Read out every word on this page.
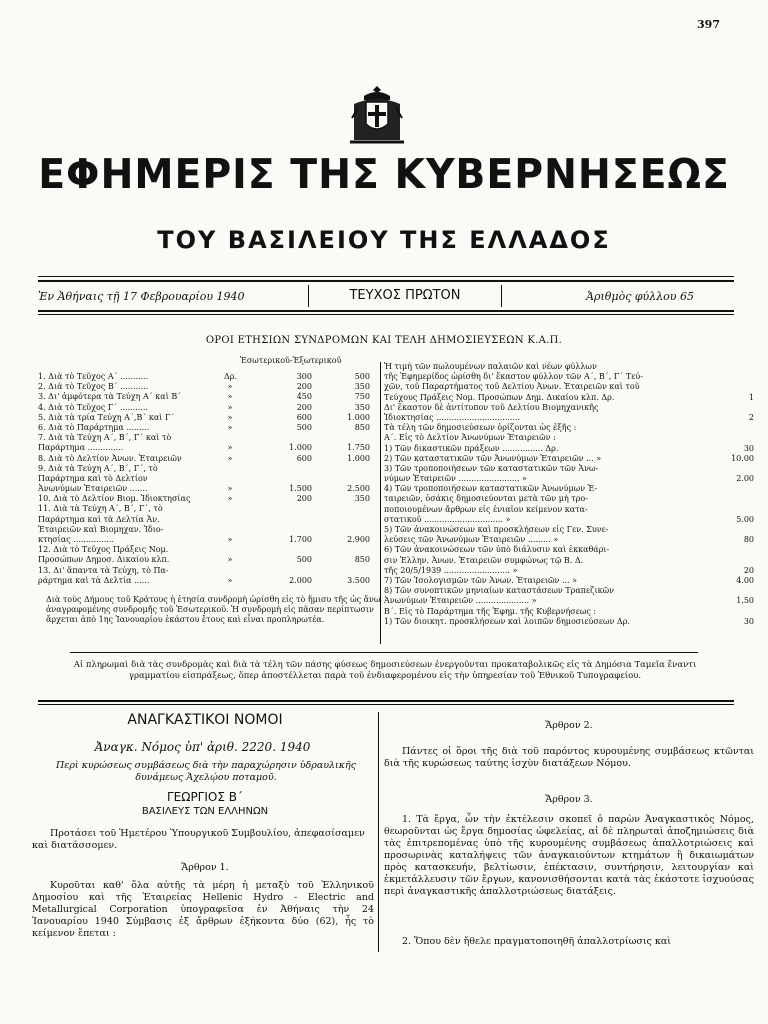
397
ΕΦΗΜΕΡΙΣ ΤΗΣ ΚΥΒΕΡΝΗΣΕΩΣ
ΤΟΥ ΒΑΣΙΛΕΙΟΥ ΤΗΣ ΕΛΛΑΔΟΣ
Ἐν Ἀθήναις τῇ 17 Φεβρουαρίου 1940	ΤΕΥΧΟΣ ΠΡΩΤΟΝ	Ἀριθμὸς φύλλου 65
ΟΡΟΙ ΕΤΗΣΙΩΝ ΣΥΝΔΡΟΜΩΝ ΚΑΙ ΤΕΛΗ ΔΗΜΟΣΙΕΥΣΕΩΝ Κ.Α.Π.
Ἐσωτερικοῦ-Ἐξωτερικοῦ
1. Διὰ τὸ Τεῦχος Α΄ ...........	Δρ.	300	500
2. Διὰ τὸ Τεῦχος Β΄ ...........	»	200	350
3. Δι' ἀμφότερα τὰ Τεύχη Α΄ καὶ Β΄	»	450	750
4. Διὰ τὸ Τεῦχος Γ΄ ...........	»	200	350
5. Διὰ τὰ τρία Τεύχη Α΄,Β΄ καὶ Γ΄	»	600	1.000
6. Διὰ τὸ Παράρτημα .........	»	500	850
7. Διὰ τὰ Τεύχη Α΄, Β΄, Γ΄ καὶ τὸ
Παράρτημα ..............	»	1.000	1.750
8. Διὰ τὸ Δελτίον Ἀνων. Ἑταιρειῶν	»	600	1.000
9. Διὰ τὰ Τεύχη Α΄, Β΄, Γ΄, τὸ
Παράρτημα καὶ τὸ Δελτίον
Ἀνωνύμων Ἑταιρειῶν .......	»	1.500	2.500
10. Διὰ τὸ Δελτίον Βιομ. Ἰδιοκτησίας	»	200	350
11. Διὰ τὰ Τεύχη Α΄, Β΄, Γ΄, τὸ
Παράρτημα καὶ τὰ Δελτία Ἀν.
Ἑταιρειῶν καὶ Βιομηχαν. Ἰδιο-
κτησίας ................	»	1.700	2.900
12. Διὰ τὸ Τεῦχος Πράξεις Νομ.
Προσώπων Δημοσ. Δικαίου κλπ.	»	500	850
13. Δι' ἅπαντα τὰ Τεύχη, τὸ Πα-
ράρτημα καὶ τὰ Δελτία ......	»	2.000	3.500
Διὰ τοὺς Δήμους τοῦ Κράτους ἡ ἐτησία συνδρομὴ ὡρίσθη εἰς τὸ ἥμισυ τῆς ὡς ἄνω ἀναγραφομένης συνδρομῆς τοῦ Ἐσωτερικοῦ. Ἡ συνδρομὴ εἰς πᾶσαν περίπτωσιν ἄρχεται ἀπὸ 1ης Ἰανουαρίου ἑκάστου ἔτους καὶ εἶναι προπληρωτέα.
Ἡ τιμὴ τῶν πωλουμένων παλαιῶν καὶ νέων φύλλων
τῆς Ἐφημερίδος ὡρίσθη δι' ἕκαστον φύλλον τῶν Α΄, Β΄, Γ΄ Τεύ-
χῶν, τοῦ Παραρτήματος τοῦ Δελτίου Ἀνων. Ἑταιρειῶν καὶ τοῦ
Τεύχους Πράξεις Νομ. Προσώπων Δημ. Δικαίου κλπ. Δρ.	1
Δι' ἕκαστον δὲ ἀντίτυπον τοῦ Δελτίου Βιομηχανικῆς
Ἰδιοκτησίας .................................	2
Τὰ τέλη τῶν δημοσιεύσεων ὁρίζονται ὡς ἑξῆς :
Α΄. Εἰς τὸ Δελτίον Ἀνωνύμων Ἑταιρειῶν :
1) Τῶν δικαστικῶν πράξεων ................ Δρ.	30
2) Τῶν καταστατικῶν τῶν Ἀνωνύμων Ἑταιρειῶν ... »	10.00
3) Τῶν τροποποιήσεων τῶν καταστατικῶν τῶν Ἀνω-
νύμων Ἑταιρειῶν ........................ »	2.00
4) Τῶν τροποποιήσεων καταστατικῶν Ἀνωνύμων Ἑ-
ταιρειῶν, ὁσάκις δημοσιεύονται μετὰ τῶν μὴ τρο-
ποποιουμένων ἄρθρων εἰς ἑνιαῖον κείμενον κατα-
στατικοῦ ............................... »	5.00
5) Τῶν ἀνακοινώσεων καὶ προσκλήσεων εἰς Γεν. Συνε-
λεύσεις τῶν Ἀνωνύμων Ἑταιρειῶν ......... »	80
6) Τῶν ἀνακοινώσεων τῶν ὑπὸ διάλυσιν καὶ ἐκκαθάρι-
σιν Ἑλλην. Ἀνων. Ἑταιρειῶν συμφώνως τῷ Β. Δ.
τῆς 20/5/1939 .......................... »	20
7) Τῶν Ἰσολογισμῶν τῶν Ἀνων. Ἑταιρειῶν ... »	4.00
8) Τῶν συνοπτικῶν μηνιαίων καταστάσεων Τραπεζικῶν
Ἀνωνύμων Ἑταιρειῶν ..................... »	1.50
Β΄. Εἰς τὸ Παράρτημα τῆς Ἐφημ. τῆς Κυβερνήσεως :
1) Τῶν διοικητ. προσκλήσεων καὶ λοιπῶν δημοσιεύσεων Δρ.	30
Αἱ πληρωμαὶ διὰ τὰς συνδρομὰς καὶ διὰ τὰ τέλη τῶν πάσης φύσεως δημοσιεύσεων ἐνεργοῦνται προκαταβολικῶς εἰς τὰ Δημόσια Ταμεῖα ἔναντι γραμματίου εἰσπράξεως, ὅπερ ἀποστέλλεται παρὰ τοῦ ἐνδιαφερομένου εἰς τὴν ὑπηρεσίαν τοῦ Ἐθνικοῦ Τυπογραφείου.
ΑΝΑΓΚΑΣΤΙΚΟΙ ΝΟΜΟΙ
Ἀναγκ. Νόμος ὑπ' ἀριθ. 2220. 1940
Περὶ κυρώσεως συμβάσεως διὰ τὴν παραχώρησιν ὑδραυλικῆς δυνάμεως Ἀχελῴου ποταμοῦ.
ΓΕΩΡΓΙΟΣ Β΄
ΒΑΣΙΛΕΥΣ ΤΩΝ ΕΛΛΗΝΩΝ
Προτάσει τοῦ Ἡμετέρου Ὑπουργικοῦ Συμβουλίου, ἀπεφασίσαμεν καὶ διατάσσομεν.
Ἄρθρον 1.
Κυροῦται καθ' ὅλα αὐτῆς τὰ μέρη ἡ μεταξὺ τοῦ Ἑλληνικοῦ Δημοσίου καὶ τῆς Ἑταιρείας Hellenic Hydro - Electric and Metallurgical Corporation ὑπογραφεῖσα ἐν Ἀθήναις τὴν 24 Ἰανουαρίου 1940 Σύμβασις ἐξ ἄρθρων ἑξήκοντα δύο (62), ἧς τὸ κείμενον ἔπεται :
Ἄρθρον 2.
Πάντες οἱ ὅροι τῆς διὰ τοῦ παρόντος κυρουμένης συμβάσεως κτῶνται διὰ τῆς κυρώσεως ταύτης ἰσχὺν διατάξεων Νόμου.
Ἄρθρον 3.
1. Τὰ ἔργα, ὧν τὴν ἐκτέλεσιν σκοπεῖ ὁ παρὼν Ἀναγκαστικὸς Νόμος, θεωροῦνται ὡς ἔργα δημοσίας ὠφελείας, αἱ δὲ πληρωταὶ ἀποζημιώσεις διὰ τὰς ἐπιτρεπομένας ὑπὸ τῆς κυρουμένης συμβάσεως ἀπαλλοτριώσεις καὶ προσωρινὰς καταλήψεις τῶν ἀναγκαιούντων κτημάτων ἢ δικαιωμάτων πρὸς κατασκευήν, βελτίωσιν, ἐπέκτασιν, συντήρησιν, λειτουργίαν καὶ ἐκμετάλλευσιν τῶν ἔργων, κανονισθήσονται κατὰ τὰς ἑκάστοτε ἰσχυούσας περὶ ἀναγκαστικῆς ἀπαλλοτριώσεως διατάξεις.
2. Ὅπου δὲν ἤθελε πραγματοποιηθῆ ἀπαλλοτρίωσις καὶ
